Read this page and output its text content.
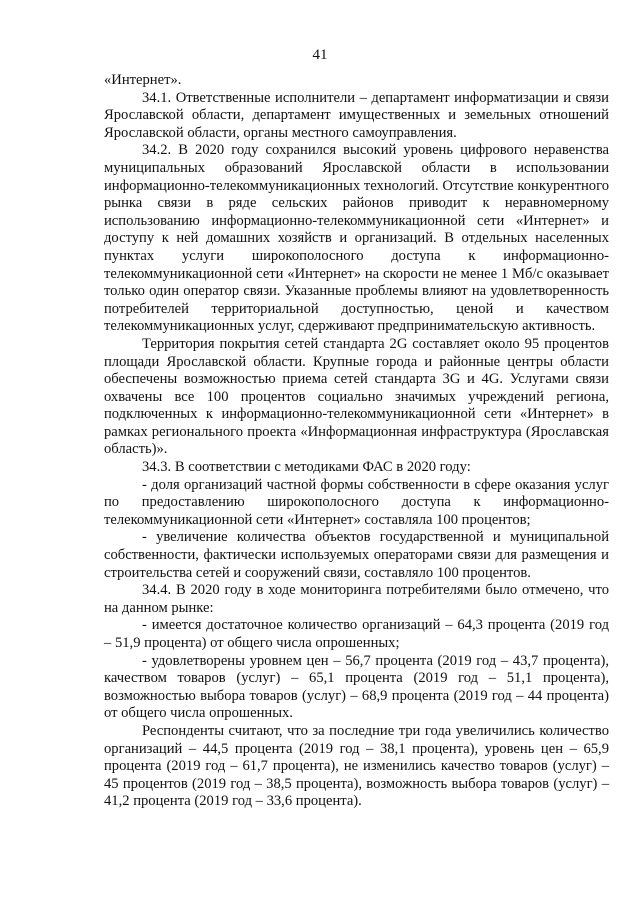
41

«Интернет».

34.1. Ответственные исполнители – департамент информатизации и связи Ярославской области, департамент имущественных и земельных отношений Ярославской области, органы местного самоуправления.

34.2. В 2020 году сохранился высокий уровень цифрового неравенства муниципальных образований Ярославской области в использовании информационно-телекоммуникационных технологий. Отсутствие конкурентного рынка связи в ряде сельских районов приводит к неравномерному использованию информационно-телекоммуникационной сети «Интернет» и доступу к ней домашних хозяйств и организаций. В отдельных населенных пунктах услуги широкополосного доступа к информационно-телекоммуникационной сети «Интернет» на скорости не менее 1 Мб/с оказывает только один оператор связи. Указанные проблемы влияют на удовлетворенность потребителей территориальной доступностью, ценой и качеством телекоммуникационных услуг, сдерживают предпринимательскую активность.

Территория покрытия сетей стандарта 2G составляет около 95 процентов площади Ярославской области. Крупные города и районные центры области обеспечены возможностью приема сетей стандарта 3G и 4G. Услугами связи охвачены все 100 процентов социально значимых учреждений региона, подключенных к информационно-телекоммуникационной сети «Интернет» в рамках регионального проекта «Информационная инфраструктура (Ярославская область)».

34.3. В соответствии с методиками ФАС в 2020 году:

- доля организаций частной формы собственности в сфере оказания услуг по предоставлению широкополосного доступа к информационно-телекоммуникационной сети «Интернет» составляла 100 процентов;

- увеличение количества объектов государственной и муниципальной собственности, фактически используемых операторами связи для размещения и строительства сетей и сооружений связи, составляло 100 процентов.

34.4. В 2020 году в ходе мониторинга потребителями было отмечено, что на данном рынке:

- имеется достаточное количество организаций – 64,3 процента (2019 год – 51,9 процента) от общего числа опрошенных;

- удовлетворены уровнем цен – 56,7 процента (2019 год – 43,7 процента), качеством товаров (услуг) – 65,1 процента (2019 год – 51,1 процента), возможностью выбора товаров (услуг) – 68,9 процента (2019 год – 44 процента) от общего числа опрошенных.

Респонденты считают, что за последние три года увеличились количество организаций – 44,5 процента (2019 год – 38,1 процента), уровень цен – 65,9 процента (2019 год – 61,7 процента), не изменились качество товаров (услуг) – 45 процентов (2019 год – 38,5 процента), возможность выбора товаров (услуг) – 41,2 процента (2019 год – 33,6 процента).
